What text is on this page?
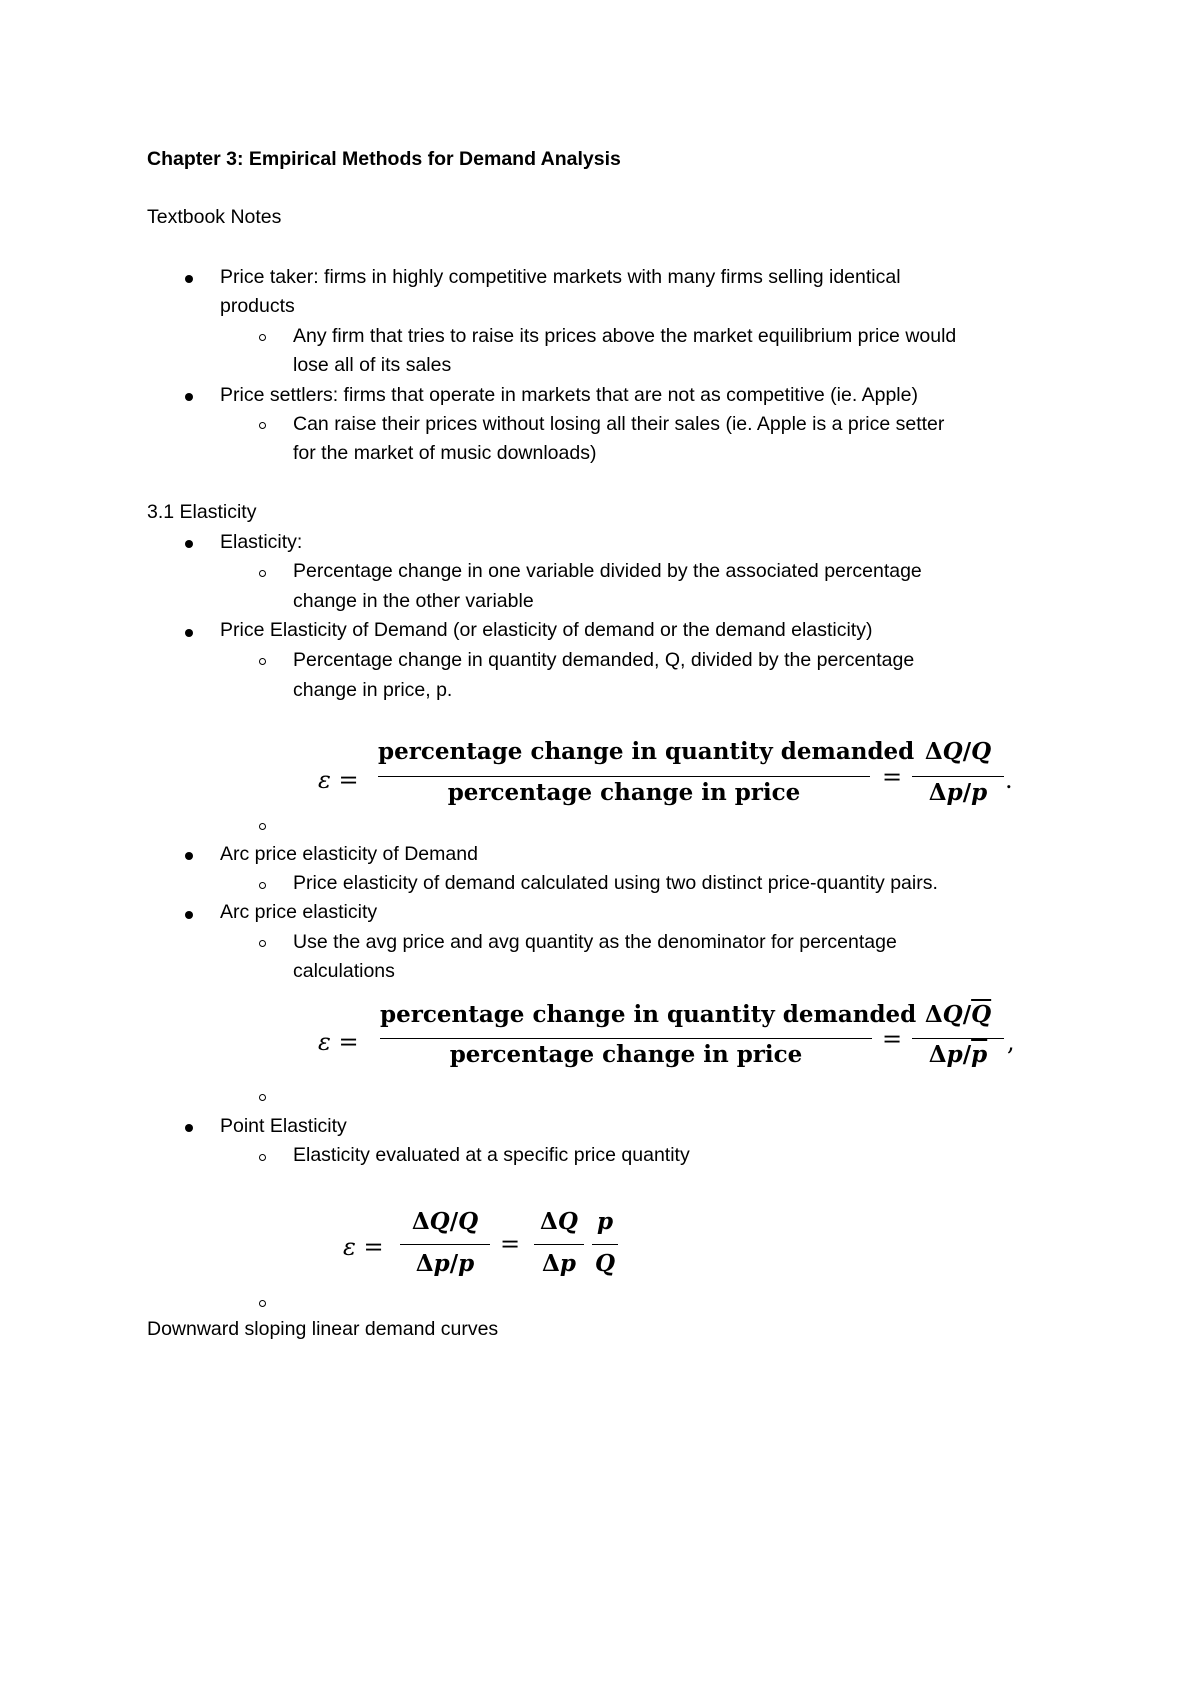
Chapter 3: Empirical Methods for Demand Analysis
Textbook Notes
Price taker: firms in highly competitive markets with many firms selling identical
products
Any firm that tries to raise its prices above the market equilibrium price would
lose all of its sales
Price settlers: firms that operate in markets that are not as competitive (ie. Apple)
Can raise their prices without losing all their sales (ie. Apple is a price setter
for the market of music downloads)
3.1 Elasticity
Elasticity:
Percentage change in one variable divided by the associated percentage
change in the other variable
Price Elasticity of Demand (or elasticity of demand or the demand elasticity)
Percentage change in quantity demanded, Q, divided by the percentage
change in price, p.
ε =
percentage change in quantity demanded
percentage change in price
=
ΔQ/Q
Δp/p .
Arc price elasticity of Demand
Price elasticity of demand calculated using two distinct price-quantity pairs.
Arc price elasticity
Use the avg price and avg quantity as the denominator for percentage
calculations
ε =
percentage change in quantity demanded
percentage change in price
=
$\Delta Q/\overline{Q}$
$\Delta p/\overline{p}$ ,
Point Elasticity
Elasticity evaluated at a specific price quantity
ε =
ΔQ/Q
Δp/p
=
ΔQ
Δp
p
Q
Downward sloping linear demand curves
